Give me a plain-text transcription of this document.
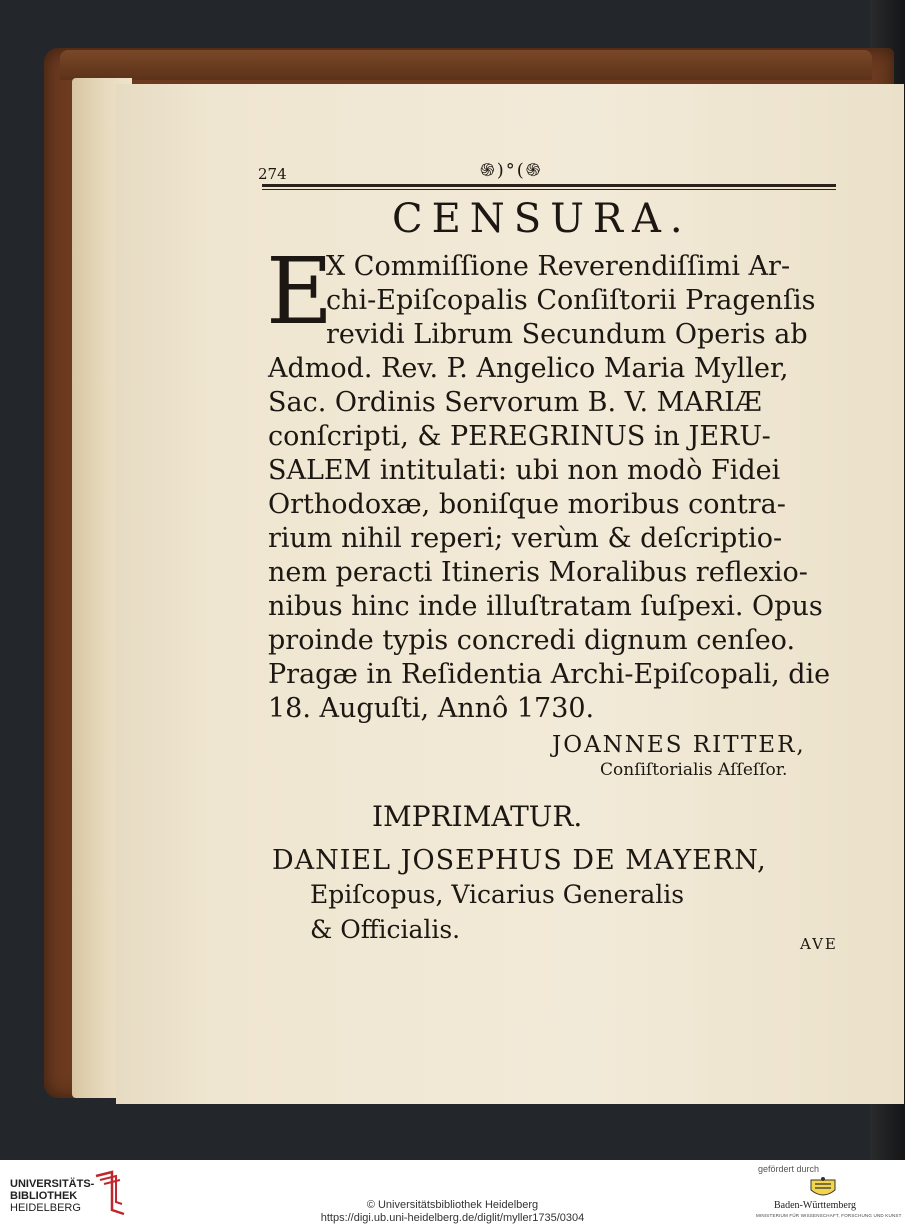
274	֍)°(֍
CENSURA.
E
X Commiſſione Reverendiſſimi Ar-
chi-Epiſcopalis Conſiſtorii Pragenſis
revidi Librum Secundum Operis ab
Admod. Rev. P. Angelico Maria Myller,
Sac. Ordinis Servorum B. V. MARIÆ
conſcripti, & PEREGRINUS in JERU-
SALEM intitulati: ubi non modò Fidei
Orthodoxæ, boniſque moribus contra-
rium nihil reperi; verùm & deſcriptio-
nem peracti Itineris Moralibus reflexio-
nibus hinc inde illuſtratam ſuſpexi. Opus
proinde typis concredi dignum cenſeo.
Pragæ in Reſidentia Archi-Epiſcopali, die
18. Auguſti, Annô 1730.
JOANNES RITTER,
Conſiſtorialis Aſſeſſor.
IMPRIMATUR.
DANIEL JOSEPHUS DE MAYERN,
Epiſcopus, Vicarius Generalis
& Officialis.	AVE
UNIVERSITÄTS-
BIBLIOTHEK
HEIDELBERG	© Universitätsbibliothek Heidelberg
https://digi.ub.uni-heidelberg.de/diglit/myller1735/0304
gefördert durch
Baden-Württemberg
MINISTERIUM FÜR WISSENSCHAFT, FORSCHUNG UND KUNST
